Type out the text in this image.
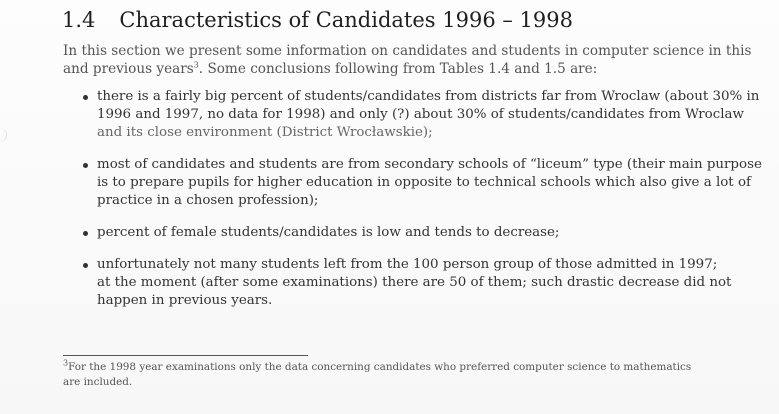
1.4 Characteristics of Candidates 1996 – 1998

In this section we present some information on candidates and students in computer science in this
and previous years$^3$. Some conclusions following from Tables 1.4 and 1.5 are:

there is a fairly big percent of students/candidates from districts far from Wroclaw (about 30% in
1996 and 1997, no data for 1998) and only (?) about 30% of students/candidates from Wroclaw
and its close environment (District Wrocławskie);
most of candidates and students are from secondary schools of “liceum” type (their main purpose
is to prepare pupils for higher education in opposite to technical schools which also give a lot of
practice in a chosen profession);
percent of female students/candidates is low and tends to decrease;
unfortunately not many students left from the 100 person group of those admitted in 1997;
at the moment (after some examinations) there are 50 of them; such drastic decrease did not
happen in previous years.

$^3$For the 1998 year examinations only the data concerning candidates who preferred computer science to mathematics
are included.
